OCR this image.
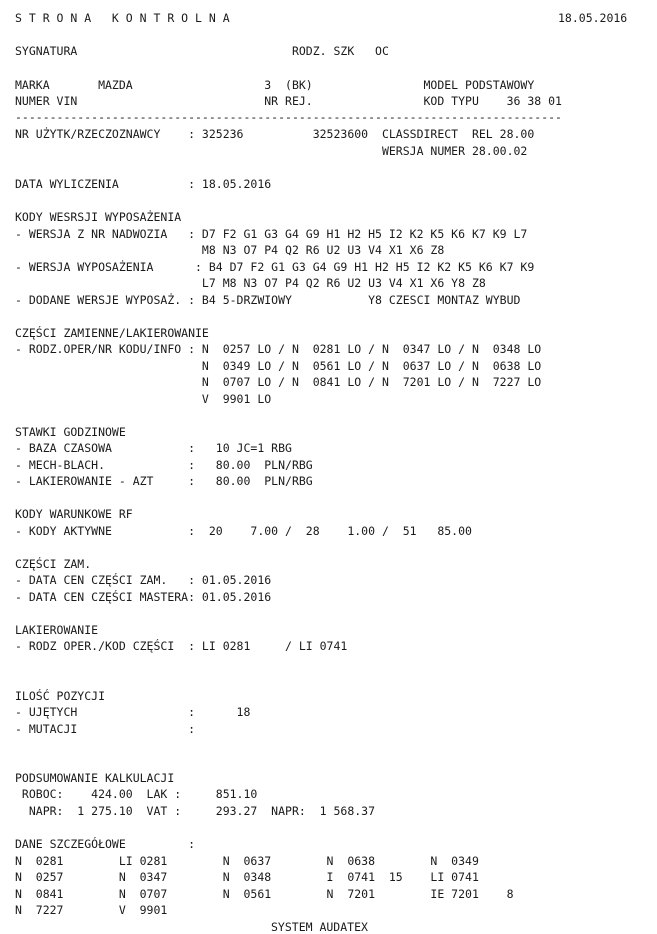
S T R O N A   K O N T R O L N A	18.05.2016
SYGNATURA                               RODZ. SZK   OC
MARKA       MAZDA                   3  (BK)                MODEL PODSTAWOWY
NUMER VIN                           NR REJ.                KOD TYPU    36 38 01
-------------------------------------------------------------------------------
NR UŻYTK/RZECZOZNAWCY    : 325236          32523600  CLASSDIRECT  REL 28.00
WERSJA NUMER 28.00.02
DATA WYLICZENIA          : 18.05.2016
KODY WESRSJI WYPOSAŻENIA
- WERSJA Z NR NADWOZIA   : D7 F2 G1 G3 G4 G9 H1 H2 H5 I2 K2 K5 K6 K7 K9 L7
M8 N3 O7 P4 Q2 R6 U2 U3 V4 X1 X6 Z8
- WERSJA WYPOSAŻENIA      : B4 D7 F2 G1 G3 G4 G9 H1 H2 H5 I2 K2 K5 K6 K7 K9
L7 M8 N3 O7 P4 Q2 R6 U2 U3 V4 X1 X6 Y8 Z8
- DODANE WERSJE WYPOSAŻ. : B4 5-DRZWIOWY           Y8 CZESCI MONTAZ WYBUD
CZĘŚCI ZAMIENNE/LAKIEROWANIE
- RODZ.OPER/NR KODU/INFO : N  0257 LO / N  0281 LO / N  0347 LO / N  0348 LO
N  0349 LO / N  0561 LO / N  0637 LO / N  0638 LO
N  0707 LO / N  0841 LO / N  7201 LO / N  7227 LO
V  9901 LO
STAWKI GODZINOWE
- BAZA CZASOWA           :   10 JC=1 RBG
- MECH-BLACH.            :   80.00  PLN/RBG
- LAKIEROWANIE - AZT     :   80.00  PLN/RBG
KODY WARUNKOWE RF
- KODY AKTYWNE           :  20    7.00 /  28    1.00 /  51   85.00
CZĘŚCI ZAM.
- DATA CEN CZĘŚCI ZAM.   : 01.05.2016
- DATA CEN CZĘŚCI MASTERA: 01.05.2016
LAKIEROWANIE
- RODZ OPER./KOD CZĘŚCI  : LI 0281     / LI 0741
ILOŚĆ POZYCJI
- UJĘTYCH                :      18
- MUTACJI                :
PODSUMOWANIE KALKULACJI
ROBOC:    424.00  LAK :     851.10
NAPR:  1 275.10  VAT :     293.27  NAPR:  1 568.37
DANE SZCZEGÓŁOWE         :
N  0281        LI 0281        N  0637        N  0638        N  0349
N  0257        N  0347        N  0348        I  0741  15    LI 0741
N  0841        N  0707        N  0561        N  7201        IE 7201    8
N  7227        V  9901
SYSTEM AUDATEX
